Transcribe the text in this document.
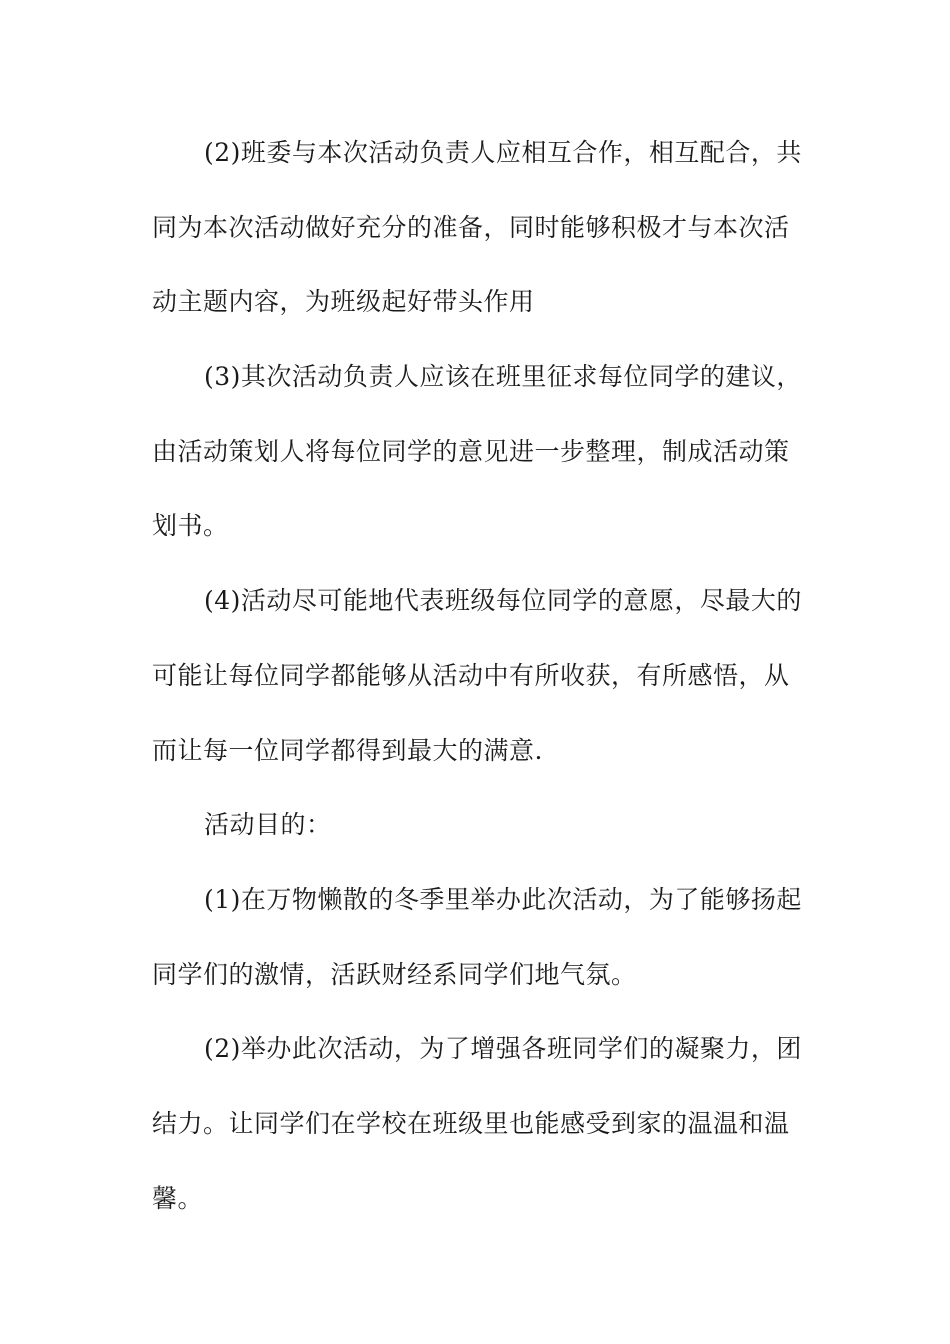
(2)班委与本次活动负责人应相互合作，相互配合，共
同为本次活动做好充分的准备，同时能够积极才与本次活
动主题内容，为班级起好带头作用
(3)其次活动负责人应该在班里征求每位同学的建议，
由活动策划人将每位同学的意见进一步整理，制成活动策
划书。
(4)活动尽可能地代表班级每位同学的意愿，尽最大的
可能让每位同学都能够从活动中有所收获，有所感悟，从
而让每一位同学都得到最大的满意.
活动目的：
(1)在万物懒散的冬季里举办此次活动，为了能够扬起
同学们的激情，活跃财经系同学们地气氛。
(2)举办此次活动，为了增强各班同学们的凝聚力，团
结力。让同学们在学校在班级里也能感受到家的温温和温
馨。
